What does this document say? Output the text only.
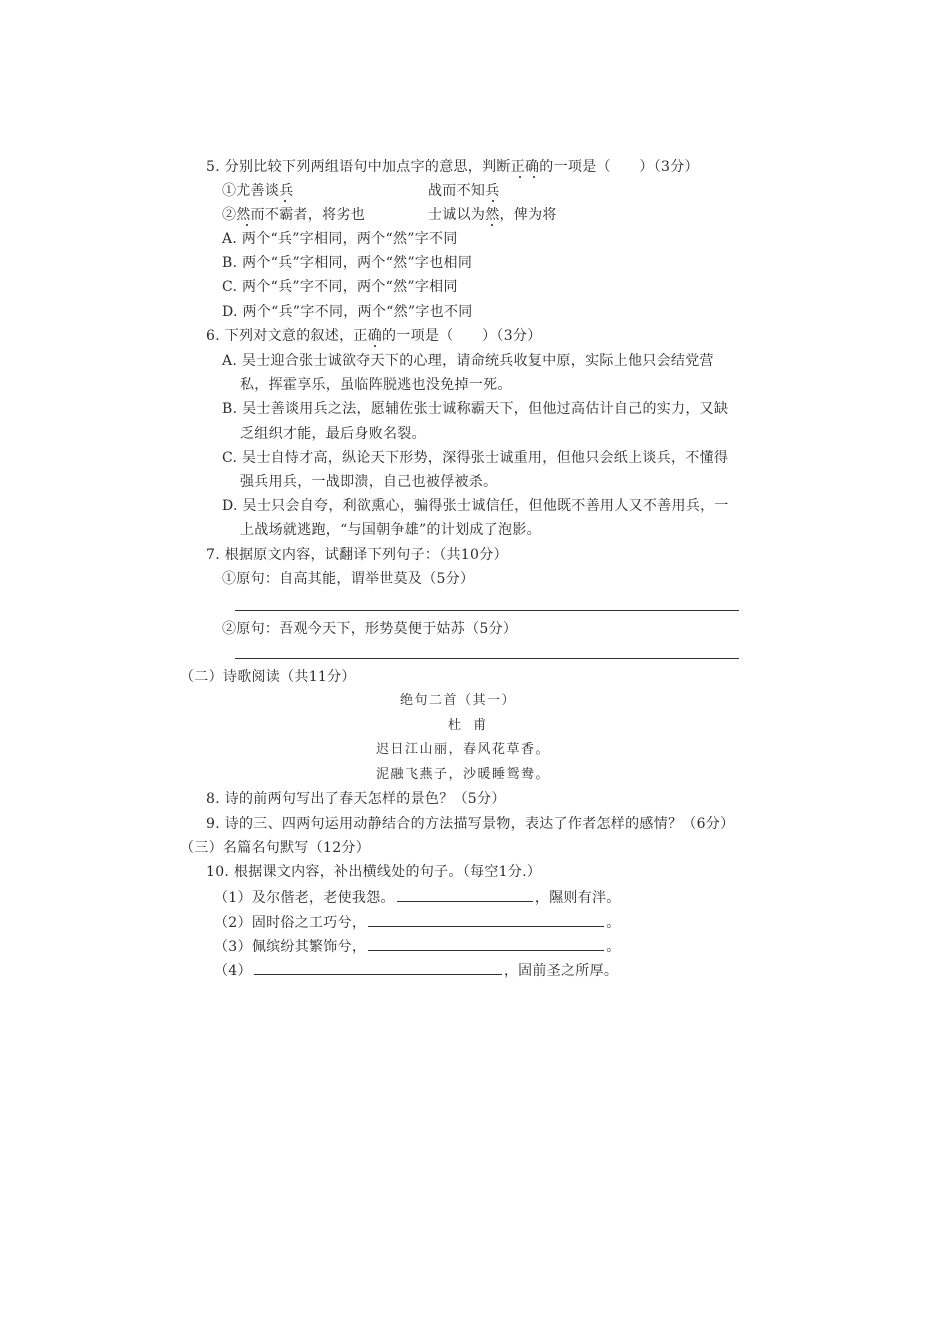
5. 分别比较下列两组语句中加点字的意思，判断正确的一项是（　　）（3分）
①尤善谈兵	战而不知兵
②然而不霸者，将劣也	士诚以为然，俾为将
A. 两个“兵”字相同，两个“然”字不同
B. 两个“兵”字相同，两个“然”字也相同
C. 两个“兵”字不同，两个“然”字相同
D. 两个“兵”字不同，两个“然”字也不同
6. 下列对文意的叙述，正确的一项是（　　）（3分）
A. 吴士迎合张士诚欲夺天下的心理，请命统兵收复中原，实际上他只会结党营
私，挥霍享乐，虽临阵脱逃也没免掉一死。
B. 吴士善谈用兵之法，愿辅佐张士诚称霸天下，但他过高估计自己的实力，又缺
乏组织才能，最后身败名裂。
C. 吴士自恃才高，纵论天下形势，深得张士诚重用，但他只会纸上谈兵，不懂得
强兵用兵，一战即溃，自己也被俘被杀。
D. 吴士只会自夸，利欲熏心，骗得张士诚信任，但他既不善用人又不善用兵，一
上战场就逃跑，“与国朝争雄”的计划成了泡影。
7. 根据原文内容，试翻译下列句子：（共10分）
①原句：自高其能，谓举世莫及（5分）
②原句：吾观今天下，形势莫便于姑苏（5分）
（二）诗歌阅读（共11分）
绝句二首（其一）
杜 甫
迟日江山丽，春风花草香。
泥融飞燕子，沙暖睡鸳鸯。
8. 诗的前两句写出了春天怎样的景色？（5分）
9. 诗的三、四两句运用动静结合的方法描写景物，表达了作者怎样的感情？（6分）
（三）名篇名句默写（12分）
10. 根据课文内容，补出横线处的句子。（每空1分.）
（1）及尔偕老，老使我怨。	，隰则有泮。
（2）固时俗之工巧兮，	。
（3）佩缤纷其繁饰兮，	。
（4）	，固前圣之所厚。
